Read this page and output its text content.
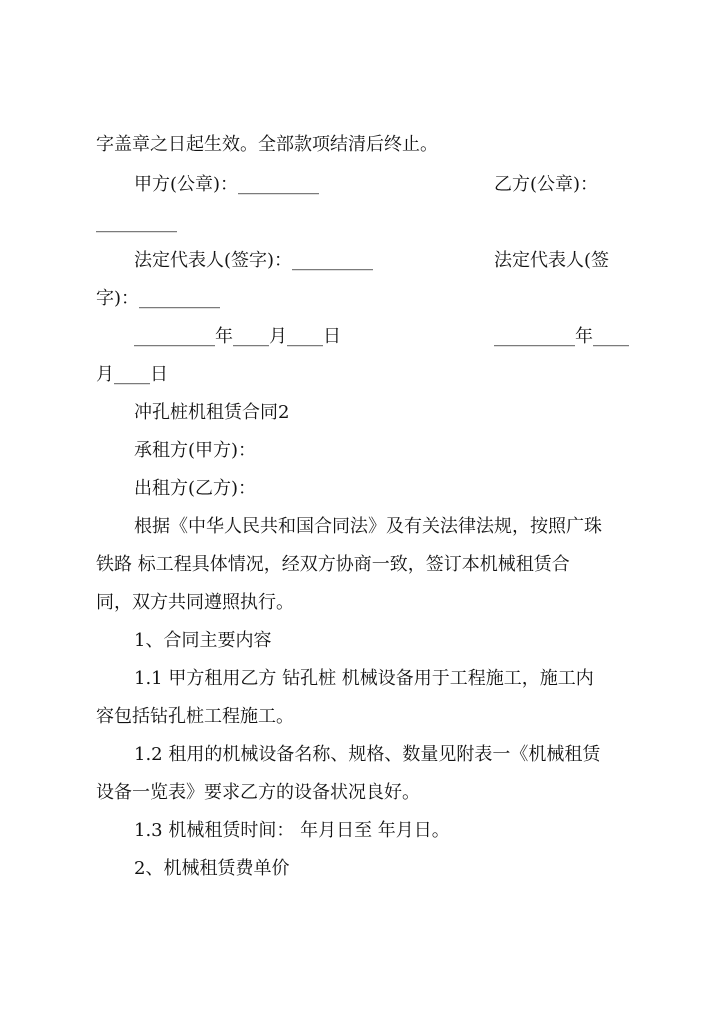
字盖章之日起生效。全部款项结清后终止。
甲方(公章)：_________	乙方(公章)：
_________
法定代表人(签字)：_________	法定代表人(签
字)：_________
_________年____月____日	_________年____
月____日
冲孔桩机租赁合同2
承租方(甲方)：
出租方(乙方)：
根据《中华人民共和国合同法》及有关法律法规，按照广珠
铁路 标工程具体情况，经双方协商一致，签订本机械租赁合
同，双方共同遵照执行。
1、合同主要内容
1.1 甲方租用乙方 钻孔桩 机械设备用于工程施工，施工内
容包括钻孔桩工程施工。
1.2 租用的机械设备名称、规格、数量见附表一《机械租赁
设备一览表》要求乙方的设备状况良好。
1.3 机械租赁时间： 年月日至 年月日。
2、机械租赁费单价
